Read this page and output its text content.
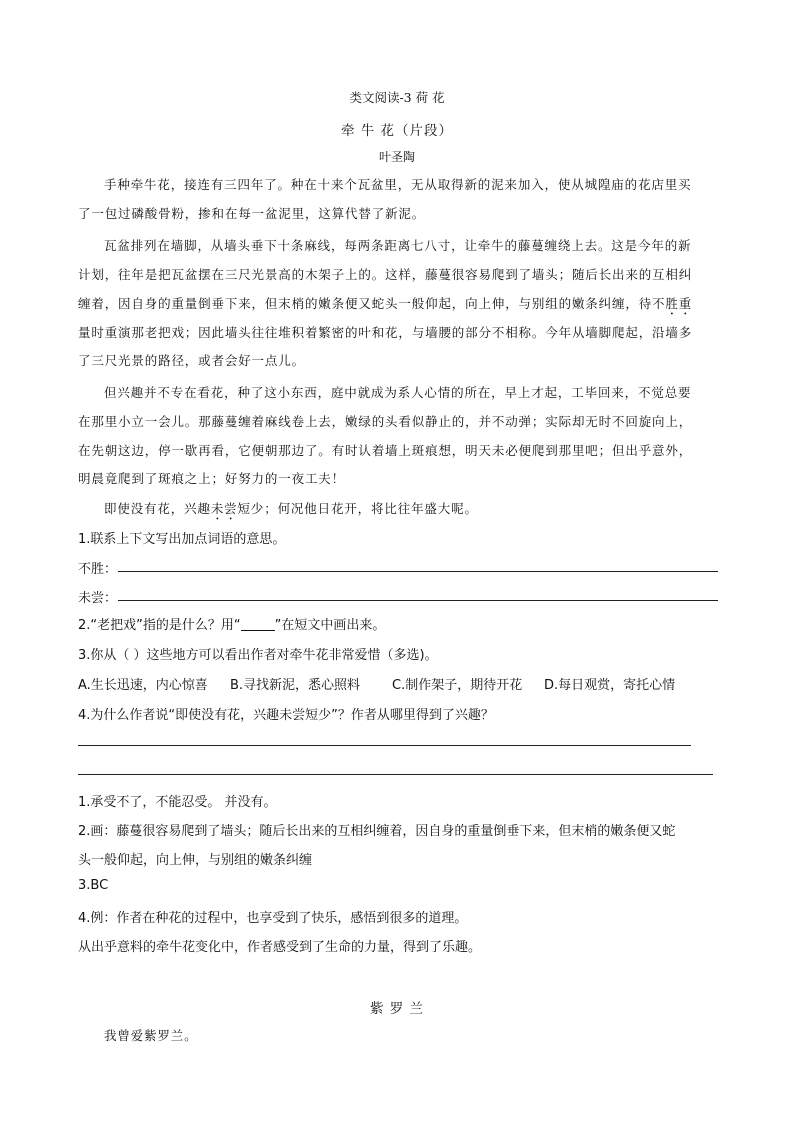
类文阅读-3 荷 花
牵 牛 花（片段）
叶圣陶
手种牵牛花，接连有三四年了。种在十来个瓦盆里，无从取得新的泥来加入，使从城隍庙的花店里买
了一包过磷酸骨粉，掺和在每一盆泥里，这算代替了新泥。
瓦盆排列在墙脚，从墙头垂下十条麻线，每两条距离七八寸，让牵牛的藤蔓缠绕上去。这是今年的新
计划，往年是把瓦盆摆在三尺光景高的木架子上的。这样，藤蔓很容易爬到了墙头；随后长出来的互相纠
缠着，因自身的重量倒垂下来，但末梢的嫩条便又蛇头一般仰起，向上伸，与别组的嫩条纠缠，待不胜重
量时重演那老把戏；因此墙头往往堆积着繁密的叶和花，与墙腰的部分不相称。今年从墙脚爬起，沿墙多
了三尺光景的路径，或者会好一点儿。
但兴趣并不专在看花，种了这小东西，庭中就成为系人心情的所在，早上才起，工毕回来，不觉总要
在那里小立一会儿。那藤蔓缠着麻线卷上去，嫩绿的头看似静止的，并不动弹；实际却无时不回旋向上，
在先朝这边，停一歇再看，它便朝那边了。有时认着墙上斑痕想，明天未必便爬到那里吧；但出乎意外，
明晨竟爬到了斑痕之上；好努力的一夜工夫！
即使没有花，兴趣未尝短少；何况他日花开，将比往年盛大呢。
1.联系上下文写出加点词语的意思。
不胜：
未尝：
2.“老把戏”指的是什么？用“	”在短文中画出来。
3.你从（ ）这些地方可以看出作者对牵牛花非常爱惜（多选)。
A.生长迅速，内心惊喜 B.寻找新泥，悉心照料 C.制作架子，期待开花 D.每日观赏，寄托心情
4.为什么作者说“即使没有花，兴趣未尝短少”？作者从哪里得到了兴趣？
1.承受不了，不能忍受。 并没有。
2.画：藤蔓很容易爬到了墙头；随后长出来的互相纠缠着，因自身的重量倒垂下来，但末梢的嫩条便又蛇
头一般仰起，向上伸，与别组的嫩条纠缠
3.BC
4.例：作者在种花的过程中，也享受到了快乐，感悟到很多的道理。
从出乎意料的牵牛花变化中，作者感受到了生命的力量，得到了乐趣。
紫 罗 兰
我曾爱紫罗兰。
